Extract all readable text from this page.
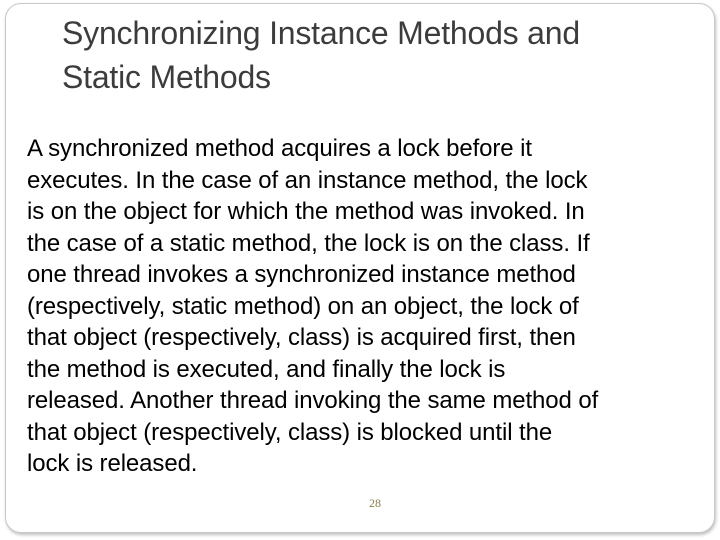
Synchronizing Instance Methods and
Static Methods
A synchronized method acquires a lock before it
executes. In the case of an instance method, the lock
is on the object for which the method was invoked. In
the case of a static method, the lock is on the class. If
one thread invokes a synchronized instance method
(respectively, static method) on an object, the lock of
that object (respectively, class) is acquired first, then
the method is executed, and finally the lock is
released. Another thread invoking the same method of
that object (respectively, class) is blocked until the
lock is released.
28
